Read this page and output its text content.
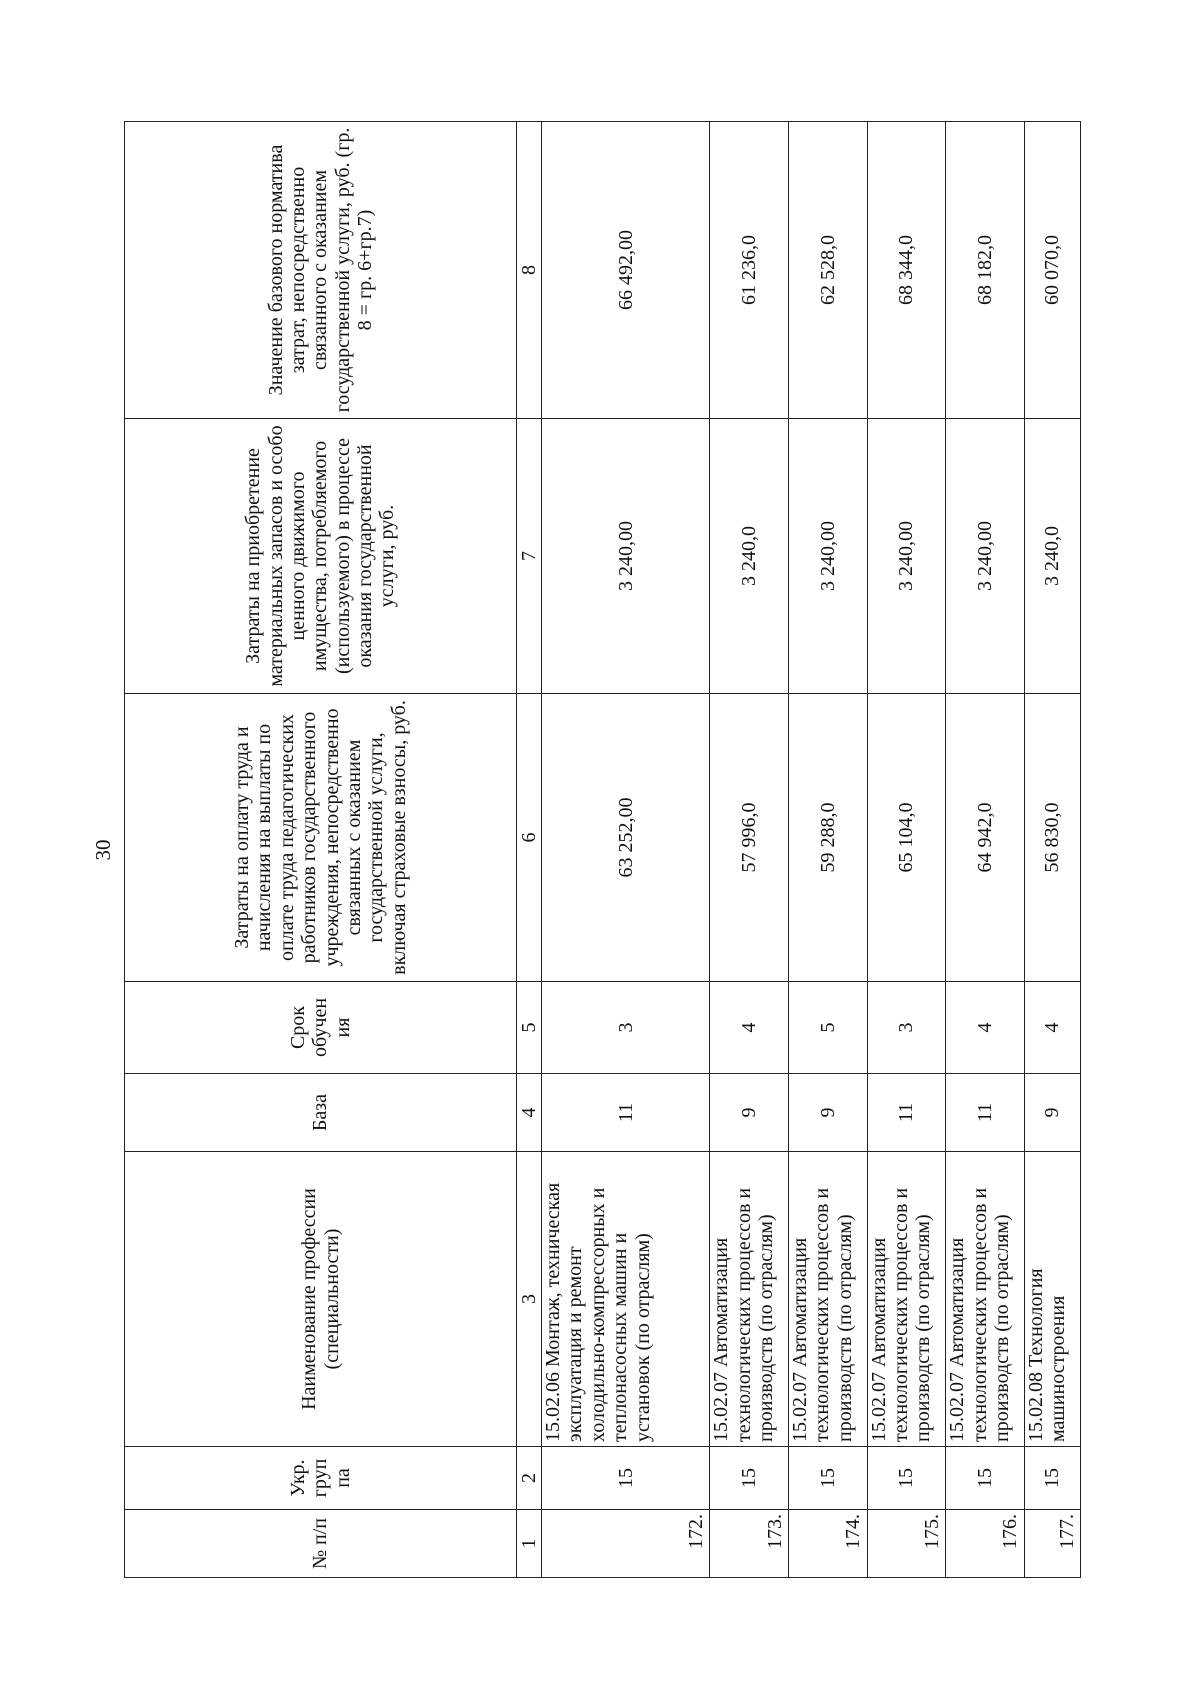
30
№ п/п	Укр. груп па	Наименование профессии (специальности)	База	Срок обучен ия	Затраты на оплату труда и начисления на выплаты по оплате труда педагогических работников государственного учреждения, непосредственно связанных с оказанием государственной услуги, включая страховые взносы, руб.	Затраты на приобретение материальных запасов и особо ценного движимого имущества, потребляемого (используемого) в процессе оказания государственной услуги, руб.	Значение базового норматива затрат, непосредственно связанного с оказанием государственной услуги, руб. (гр. 8 = гр. 6+гр.7)
1	2	3	4	5	6	7	8
172.	15	15.02.06 Монтаж, техническая эксплуатация и ремонт холодильно-компрессорных и теплонасосных машин и установок (по отраслям)	11	3	63 252,00	3 240,00	66 492,00
173.	15	15.02.07 Автоматизация технологических процессов и производств (по отраслям)	9	4	57 996,0	3 240,0	61 236,0
174.	15	15.02.07 Автоматизация технологических процессов и производств (по отраслям)	9	5	59 288,0	3 240,00	62 528,0
175.	15	15.02.07 Автоматизация технологических процессов и производств (по отраслям)	11	3	65 104,0	3 240,00	68 344,0
176.	15	15.02.07 Автоматизация технологических процессов и производств (по отраслям)	11	4	64 942,0	3 240,00	68 182,0
177.	15	15.02.08 Технология машиностроения	9	4	56 830,0	3 240,0	60 070,0
